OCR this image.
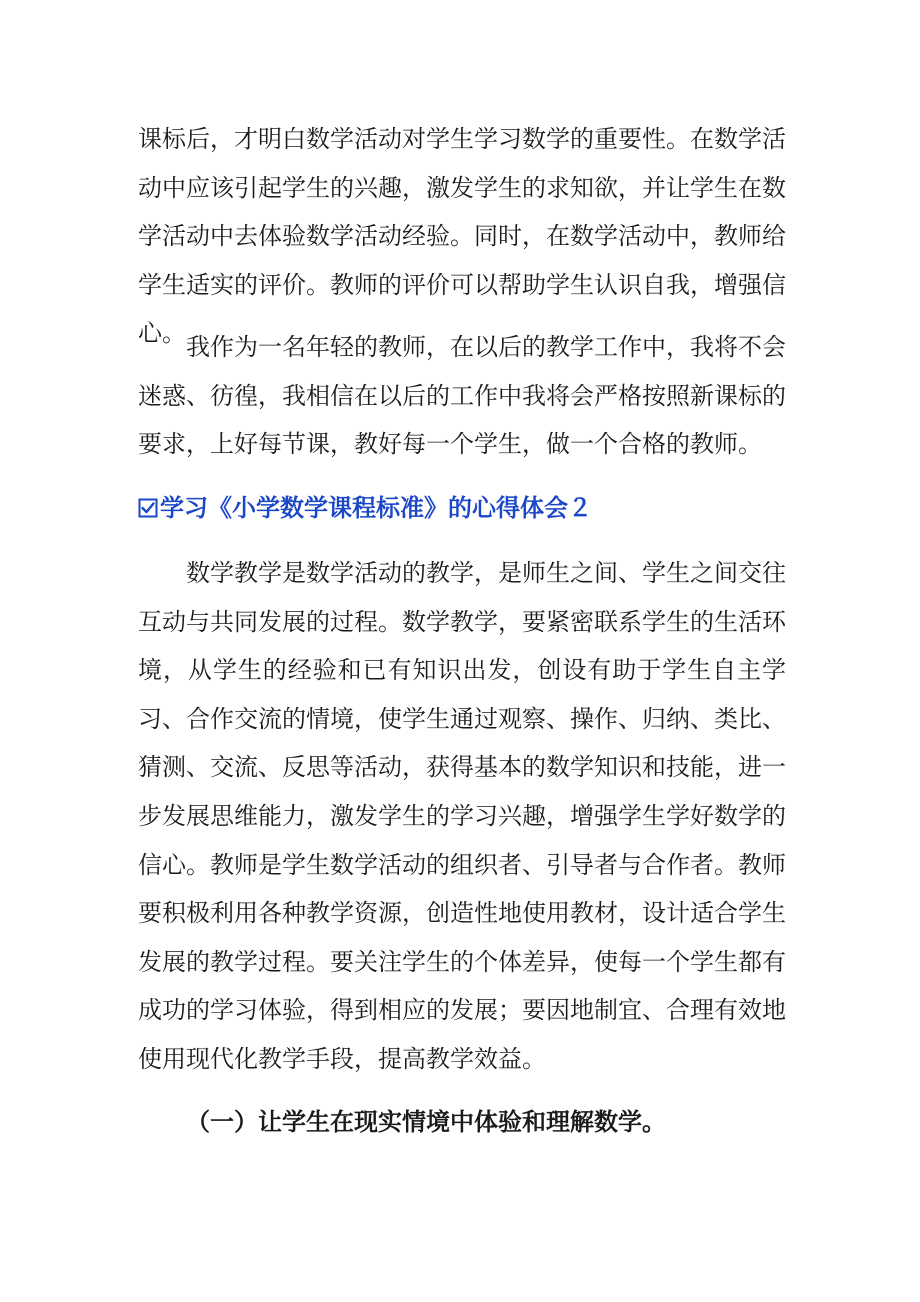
课标后，才明白数学活动对学生学习数学的重要性。在数学活动中应该引起学生的兴趣，激发学生的求知欲，并让学生在数学活动中去体验数学活动经验。同时，在数学活动中，教师给学生适实的评价。教师的评价可以帮助学生认识自我，增强信心。 我作为一名年轻的教师，在以后的教学工作中，我将不会迷惑、彷徨，我相信在以后的工作中我将会严格按照新课标的要求，上好每节课，教好每一个学生，做一个合格的教师。

学习《小学数学课程标准》的心得体会２

数学教学是数学活动的教学，是师生之间、学生之间交往互动与共同发展的过程。数学教学，要紧密联系学生的生活环境，从学生的经验和已有知识出发，创设有助于学生自主学习、合作交流的情境，使学生通过观察、操作、归纳、类比、猜测、交流、反思等活动，获得基本的数学知识和技能，进一步发展思维能力，激发学生的学习兴趣，增强学生学好数学的信心。教师是学生数学活动的组织者、引导者与合作者。教师要积极利用各种教学资源，创造性地使用教材，设计适合学生发展的教学过程。要关注学生的个体差异，使每一个学生都有成功的学习体验，得到相应的发展；要因地制宜、合理有效地使用现代化教学手段，提高教学效益。

（一）让学生在现实情境中体验和理解数学。
